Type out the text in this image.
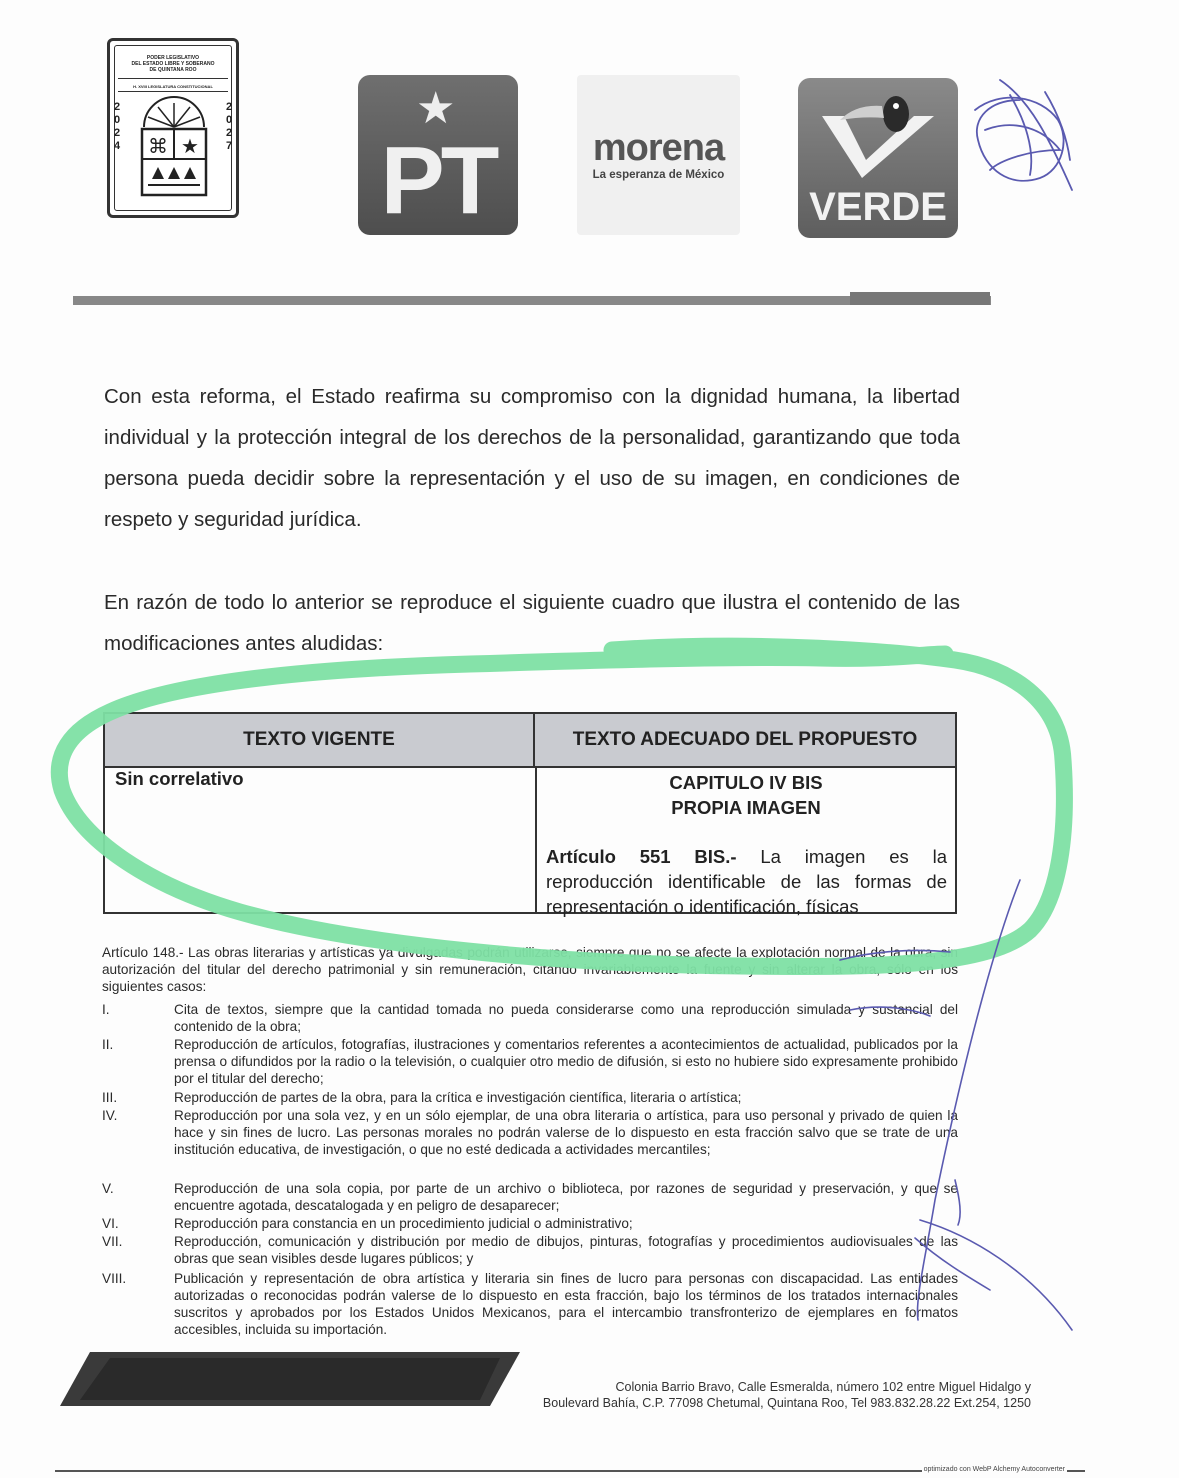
PODER LEGISLATIVO
DEL ESTADO LIBRE Y SOBERANO
DE QUINTANA ROO
H. XVIII LEGISLATURA CONSTITUCIONAL
2
0
2
4
2
0
2
7
⌘ ★
★
PT	morena
La esperanza de México
VERDE

Con esta reforma, el Estado reafirma su compromiso con la dignidad humana, la libertad individual y la protección integral de los derechos de la personalidad, garantizando que toda persona pueda decidir sobre la representación y el uso de su imagen, en condiciones de respeto y seguridad jurídica.

En razón de todo lo anterior se reproduce el siguiente cuadro que ilustra el contenido de las modificaciones antes aludidas:

TEXTO VIGENTE	TEXTO ADECUADO DEL PROPUESTO
Sin correlativo	CAPITULO IV BIS
PROPIA IMAGEN
Artículo 551 BIS.- La imagen es la reproducción identificable de las formas de representación o identificación, físicas

Artículo 148.- Las obras literarias y artísticas ya divulgadas podrán utilizarse, siempre que no se afecte la explotación normal de la obra, sin autorización del titular del derecho patrimonial y sin remuneración, citando invariablemente la fuente y sin alterar la obra, sólo en los siguientes casos:

I.	Cita de textos, siempre que la cantidad tomada no pueda considerarse como una reproducción simulada y sustancial del contenido de la obra;
II.	Reproducción de artículos, fotografías, ilustraciones y comentarios referentes a acontecimientos de actualidad, publicados por la prensa o difundidos por la radio o la televisión, o cualquier otro medio de difusión, si esto no hubiere sido expresamente prohibido por el titular del derecho;
III.	Reproducción de partes de la obra, para la crítica e investigación científica, literaria o artística;
IV.	Reproducción por una sola vez, y en un sólo ejemplar, de una obra literaria o artística, para uso personal y privado de quien la hace y sin fines de lucro. Las personas morales no podrán valerse de lo dispuesto en esta fracción salvo que se trate de una institución educativa, de investigación, o que no esté dedicada a actividades mercantiles;
V.	Reproducción de una sola copia, por parte de un archivo o biblioteca, por razones de seguridad y preservación, y que se encuentre agotada, descatalogada y en peligro de desaparecer;
VI.	Reproducción para constancia en un procedimiento judicial o administrativo;
VII.	Reproducción, comunicación y distribución por medio de dibujos, pinturas, fotografías y procedimientos audiovisuales de las obras que sean visibles desde lugares públicos; y
VIII.	Publicación y representación de obra artística y literaria sin fines de lucro para personas con discapacidad. Las entidades autorizadas o reconocidas podrán valerse de lo dispuesto en esta fracción, bajo los términos de los tratados internacionales suscritos y aprobados por los Estados Unidos Mexicanos, para el intercambio transfronterizo de ejemplares en formatos accesibles, incluida su importación.
Colonia Barrio Bravo, Calle Esmeralda, número 102 entre Miguel Hidalgo y
Boulevard Bahía, C.P. 77098 Chetumal, Quintana Roo, Tel 983.832.28.22 Ext.254, 1250
optimizado con WebP Alchemy Autoconverter
